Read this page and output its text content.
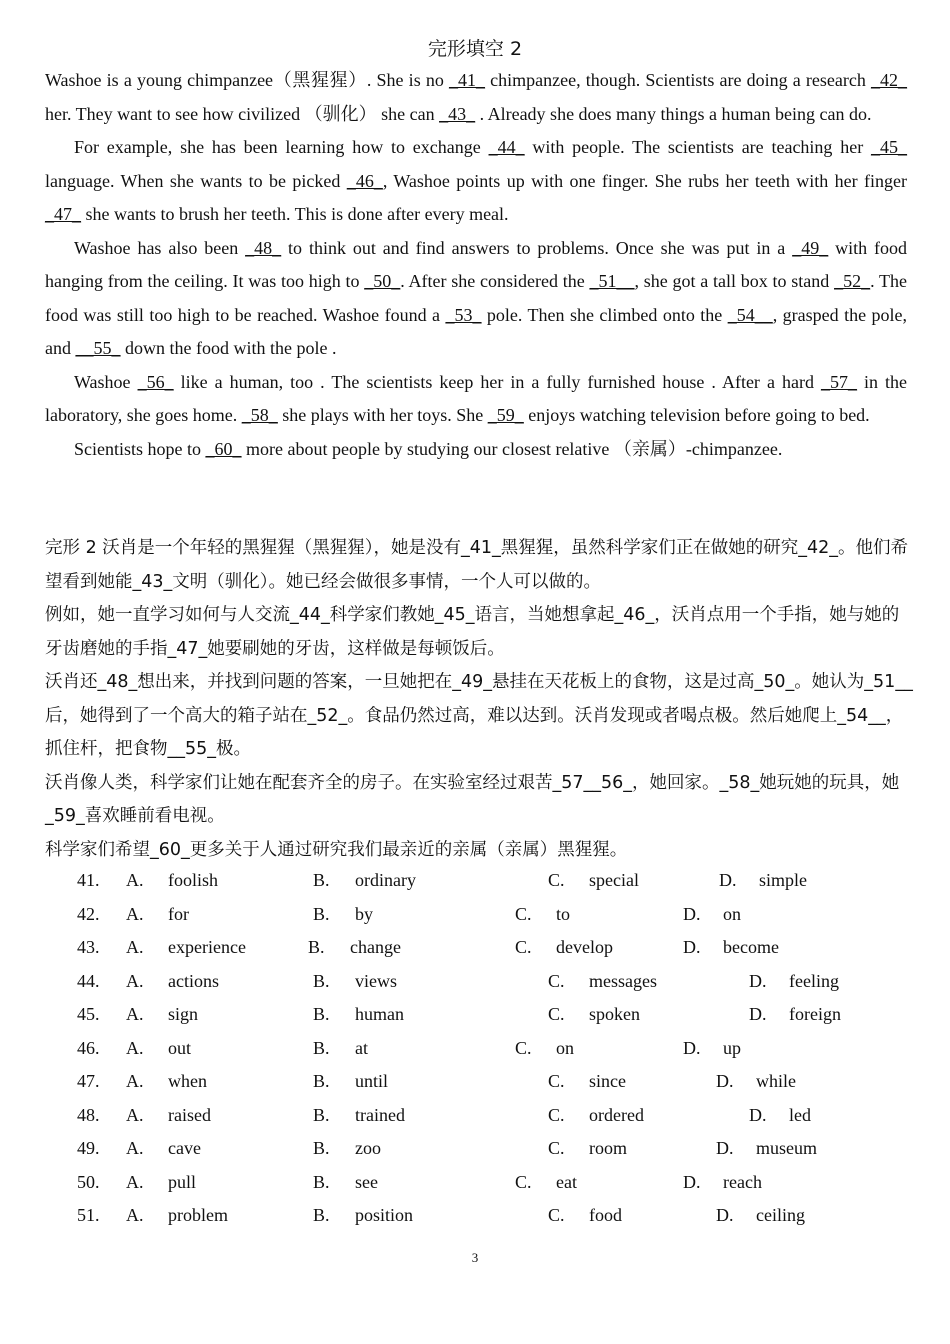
完形填空 2

Washoe is a young chimpanzee（黑猩猩）. She is no _41_ chimpanzee, though. Scientists are doing a research _42_ her. They want to see how civilized （驯化） she can _43_ . Already she does many things a human being can do.

For example, she has been learning how to exchange _44_ with people. The scientists are teaching her _45_ language. When she wants to be picked _46_, Washoe points up with one finger. She rubs her teeth with her finger _47_ she wants to brush her teeth. This is done after every meal.

Washoe has also been _48_ to think out and find answers to problems. Once she was put in a _49_ with food hanging from the ceiling. It was too high to _50_. After she considered the _51__, she got a tall box to stand _52_. The food was still too high to be reached. Washoe found a _53_ pole. Then she climbed onto the _54__, grasped the pole, and __55_ down the food with the pole .

Washoe _56_ like a human, too . The scientists keep her in a fully furnished house . After a hard _57_ in the laboratory, she goes home. _58_ she plays with her toys. She _59_ enjoys watching television before going to bed.

Scientists hope to _60_ more about people by studying our closest relative （亲属）-chimpanzee.

完形 2 沃肖是一个年轻的黑猩猩（黑猩猩），她是没有_41_黑猩猩，虽然科学家们正在做她的研究_42_。他们希望看到她能_43_文明（驯化）。她已经会做很多事情，一个人可以做的。

例如，她一直学习如何与人交流_44_科学家们教她_45_语言，当她想拿起_46_，沃肖点用一个手指，她与她的牙齿磨她的手指_47_她要刷她的牙齿，这样做是每顿饭后。

沃肖还_48_想出来，并找到问题的答案，一旦她把在_49_悬挂在天花板上的食物，这是过高_50_。她认为_51__后，她得到了一个高大的箱子站在_52_。食品仍然过高，难以达到。沃肖发现或者喝点极。然后她爬上_54__，抓住杆，把食物__55_极。

沃肖像人类，科学家们让她在配套齐全的房子。在实验室经过艰苦_57__56_，她回家。_58_她玩她的玩具，她_59_喜欢睡前看电视。

科学家们希望_60_更多关于人通过研究我们最亲近的亲属（亲属）黑猩猩。

41. A. foolish	B. ordinary	C. special	D. simple
42. A. for	B. by	C. to	D. on
43. A. experience	B. change	C. develop	D. become
44. A. actions	B. views	C. messages	D. feeling
45. A. sign	B. human	C. spoken	D. foreign
46. A. out	B. at	C. on	D. up
47. A. when	B. until	C. since	D. while
48. A. raised	B. trained	C. ordered	D. led
49. A. cave	B. zoo	C. room	D. museum
50. A. pull	B. see	C. eat	D. reach
51. A. problem	B. position	C. food	D. ceiling
3
